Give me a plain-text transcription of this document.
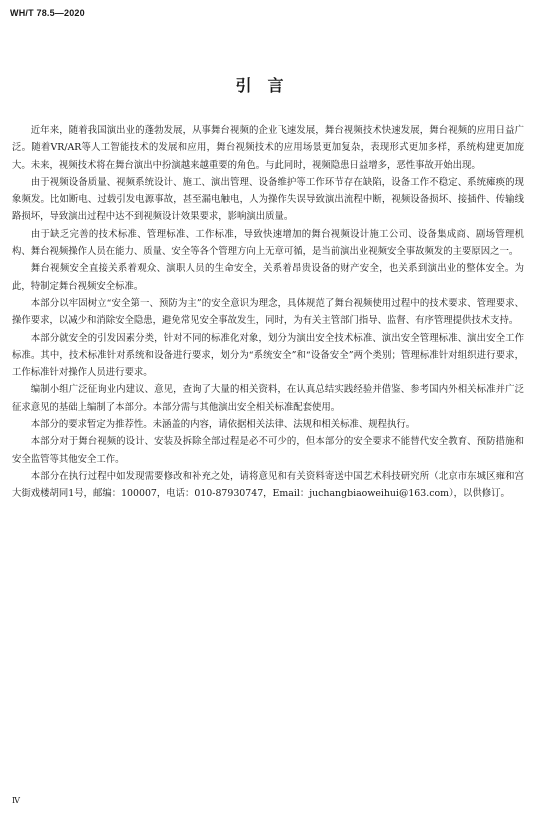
WH/T 78.5—2020
引言

近年来，随着我国演出业的蓬勃发展，从事舞台视频的企业飞速发展，舞台视频技术快速发展，舞台视频的应用日益广泛。随着VR/AR等人工智能技术的发展和应用，舞台视频技术的应用场景更加复杂，表现形式更加多样，系统构建更加庞大。未来，视频技术将在舞台演出中扮演越来越重要的角色。与此同时，视频隐患日益增多，恶性事故开始出现。

由于视频设备质量、视频系统设计、施工、演出管理、设备维护等工作环节存在缺陷，设备工作不稳定、系统瘫痪的现象频发。比如断电、过载引发电源事故，甚至漏电触电，人为操作失误导致演出流程中断，视频设备损坏、接插件、传输线路损坏，导致演出过程中达不到视频设计效果要求，影响演出质量。

由于缺乏完善的技术标准、管理标准、工作标准，导致快速增加的舞台视频设计施工公司、设备集成商、剧场管理机构、舞台视频操作人员在能力、质量、安全等各个管理方向上无章可循，是当前演出业视频安全事故频发的主要原因之一。

舞台视频安全直接关系着观众、演职人员的生命安全，关系着昂贵设备的财产安全，也关系到演出业的整体安全。为此，特制定舞台视频安全标准。

本部分以牢固树立“安全第一、预防为主”的安全意识为理念，具体规范了舞台视频使用过程中的技术要求、管理要求、操作要求，以减少和消除安全隐患，避免常见安全事故发生，同时，为有关主管部门指导、监督、有序管理提供技术支持。

本部分就安全的引发因素分类，针对不同的标准化对象，划分为演出安全技术标准、演出安全管理标准、演出安全工作标准。其中，技术标准针对系统和设备进行要求，划分为“系统安全”和“设备安全”两个类别；管理标准针对组织进行要求，工作标准针对操作人员进行要求。

编制小组广泛征询业内建议、意见，查询了大量的相关资料，在认真总结实践经验并借鉴、参考国内外相关标准并广泛征求意见的基础上编制了本部分。本部分需与其他演出安全相关标准配套使用。

本部分的要求暂定为推荐性。未涵盖的内容，请依据相关法律、法规和相关标准、规程执行。

本部分对于舞台视频的设计、安装及拆除全部过程是必不可少的，但本部分的安全要求不能替代安全教育、预防措施和安全监管等其他安全工作。

本部分在执行过程中如发现需要修改和补充之处，请将意见和有关资料寄送中国艺术科技研究所（北京市东城区雍和宫大街戏楼胡同1号，邮编：100007，电话：010-87930747，Email：juchangbiaoweihui@163.com），以供修订。

Ⅳ
